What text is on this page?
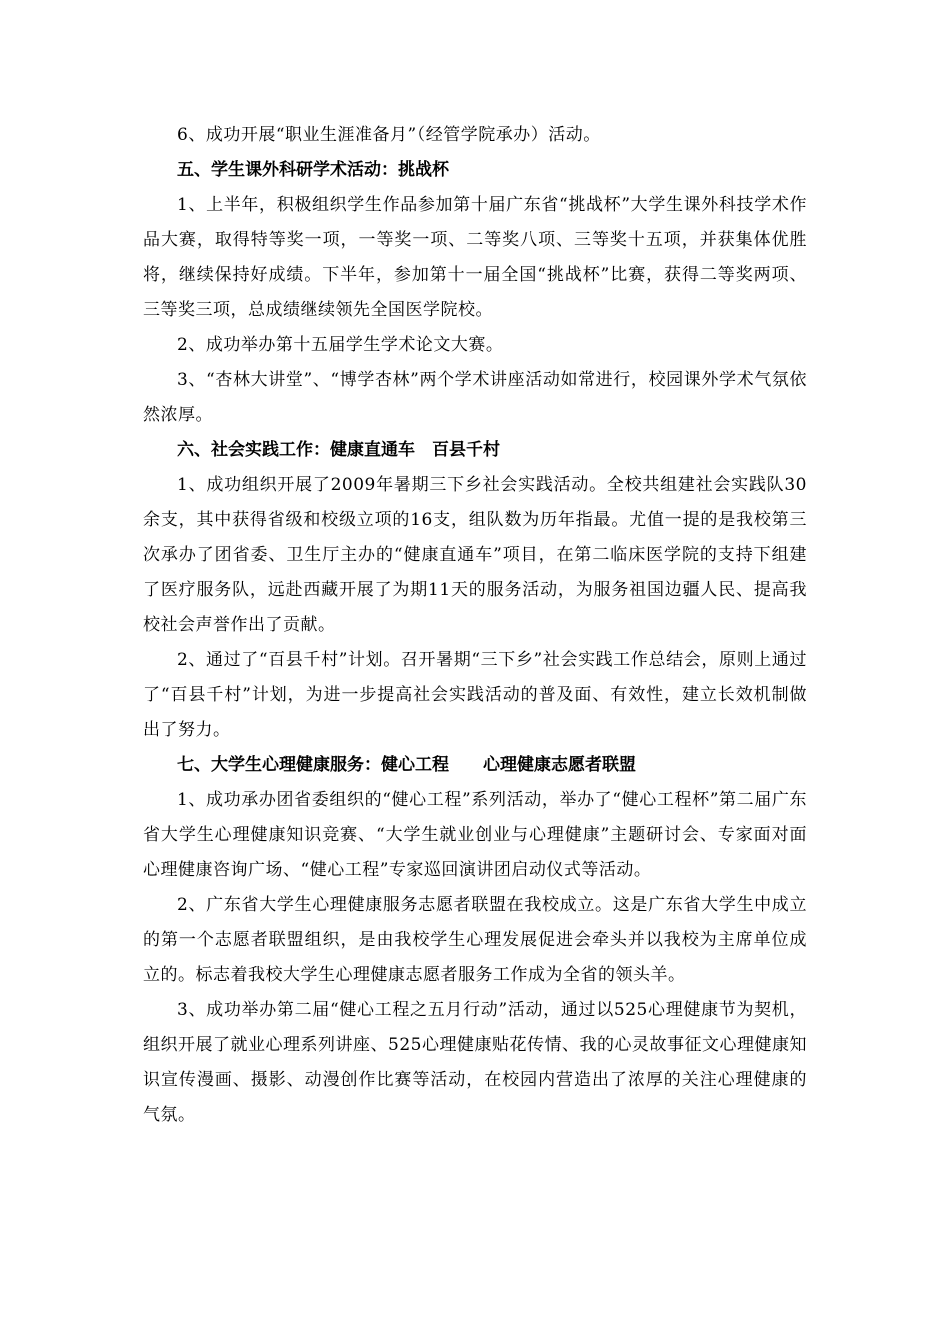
6、成功开展“职业生涯准备月”（经管学院承办）活动。

五、学生课外科研学术活动：挑战杯

1、上半年，积极组织学生作品参加第十届广东省“挑战杯”大学生课外科技学术作品大赛，取得特等奖一项，一等奖一项、二等奖八项、三等奖十五项，并获集体优胜将，继续保持好成绩。下半年，参加第十一届全国“挑战杯”比赛，获得二等奖两项、三等奖三项，总成绩继续领先全国医学院校。

2、成功举办第十五届学生学术论文大赛。

3、“杏林大讲堂”、“博学杏林”两个学术讲座活动如常进行，校园课外学术气氛依然浓厚。

六、社会实践工作：健康直通车　百县千村

1、成功组织开展了2009年暑期三下乡社会实践活动。全校共组建社会实践队30余支，其中获得省级和校级立项的16支，组队数为历年指最。尤值一提的是我校第三次承办了团省委、卫生厅主办的“健康直通车”项目，在第二临床医学院的支持下组建了医疗服务队，远赴西藏开展了为期11天的服务活动，为服务祖国边疆人民、提高我校社会声誉作出了贡献。

2、通过了“百县千村”计划。召开暑期“三下乡”社会实践工作总结会，原则上通过了“百县千村”计划，为进一步提高社会实践活动的普及面、有效性，建立长效机制做出了努力。

七、大学生心理健康服务：健心工程　　心理健康志愿者联盟

1、成功承办团省委组织的“健心工程”系列活动，举办了“健心工程杯”第二届广东省大学生心理健康知识竞赛、“大学生就业创业与心理健康”主题研讨会、专家面对面心理健康咨询广场、“健心工程”专家巡回演讲团启动仪式等活动。

2、广东省大学生心理健康服务志愿者联盟在我校成立。这是广东省大学生中成立的第一个志愿者联盟组织，是由我校学生心理发展促进会牵头并以我校为主席单位成立的。标志着我校大学生心理健康志愿者服务工作成为全省的领头羊。

3、成功举办第二届“健心工程之五月行动”活动，通过以525心理健康节为契机，组织开展了就业心理系列讲座、525心理健康贴花传情、我的心灵故事征文心理健康知识宣传漫画、摄影、动漫创作比赛等活动，在校园内营造出了浓厚的关注心理健康的气氛。
